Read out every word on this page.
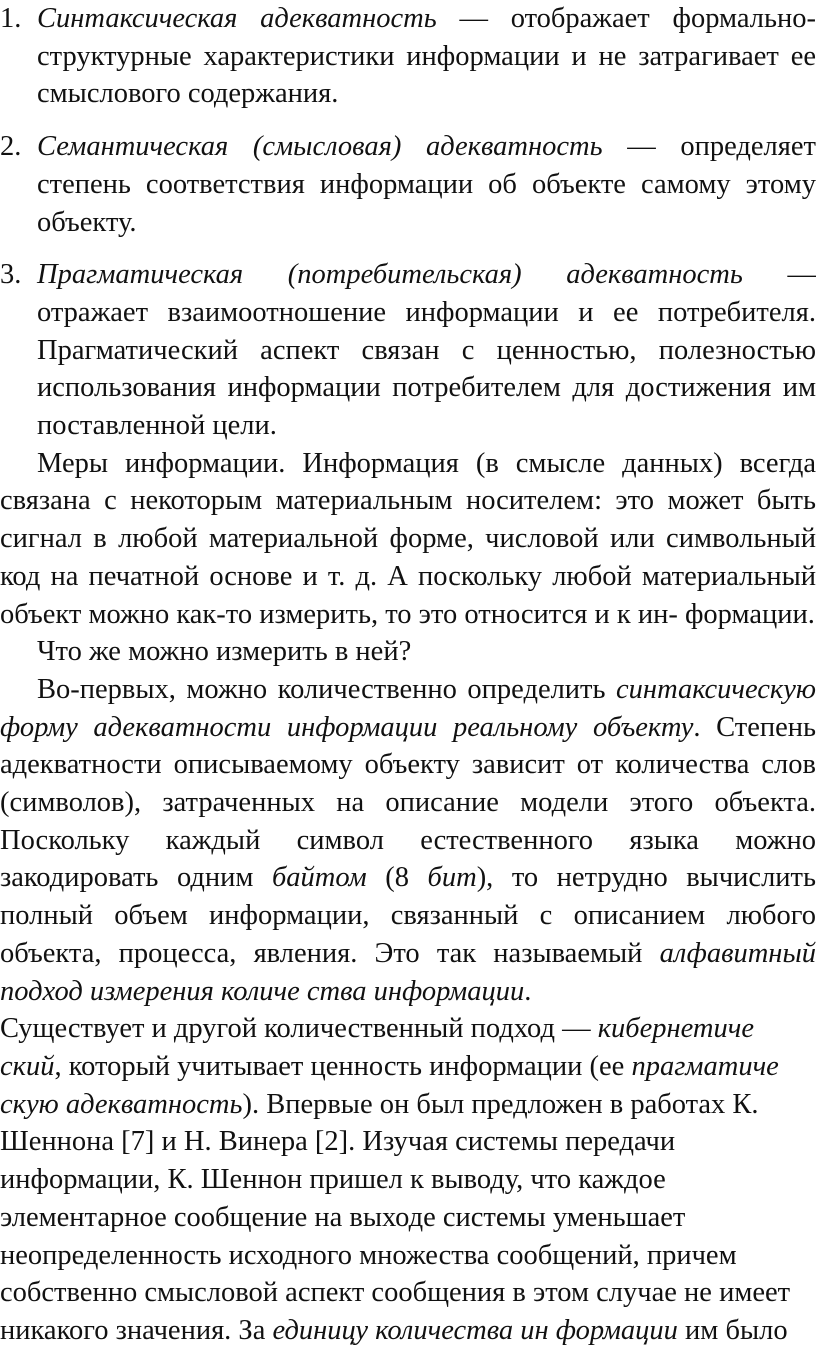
1. Синтаксическая адекватность — отображает формально-структурные характеристики информации и не затрагивает ее смыслового содержания.
2. Семантическая (смысловая) адекватность — определяет степень соответствия информации об объекте самому этому объекту.
3. Прагматическая (потребительская) адекватность — отражает взаимоотношение информации и ее потребителя. Прагматический аспект связан с ценностью, полезностью использования информации потребителем для достижения им поставленной цели.

Меры информации. Информация (в смысле данных) всегда связана с некоторым материальным носителем: это может быть сигнал в любой материальной форме, числовой или символьный код на печатной основе и т. д. А поскольку любой материальный объект можно как-то измерить, то это относится и к ин- формации.

Что же можно измерить в ней?

Во-первых, можно количественно определить синтаксическую форму адекватности информации реальному объекту. Степень адекватности описываемому объекту зависит от количества слов (символов), затраченных на описание модели этого объекта. Поскольку каждый символ естественного языка можно закодировать одним байтом (8 бит), то нетрудно вычислить полный объем информации, связанный с описанием любого объекта, процесса, явления. Это так называемый алфавитный подход измерения количе ства информации.

Существует и другой количественный подход — кибернетиче ский, который учитывает ценность информации (ее прагматиче скую адекватность). Впервые он был предложен в работах К. Шеннона [7] и Н. Винера [2]. Изучая системы передачи информации, К. Шеннон пришел к выводу, что каждое элементарное сообщение на выходе системы уменьшает неопределенность исходного множества сообщений, причем собственно смысловой аспект сообщения в этом случае не имеет никакого значения. За единицу количества ин формации им было
